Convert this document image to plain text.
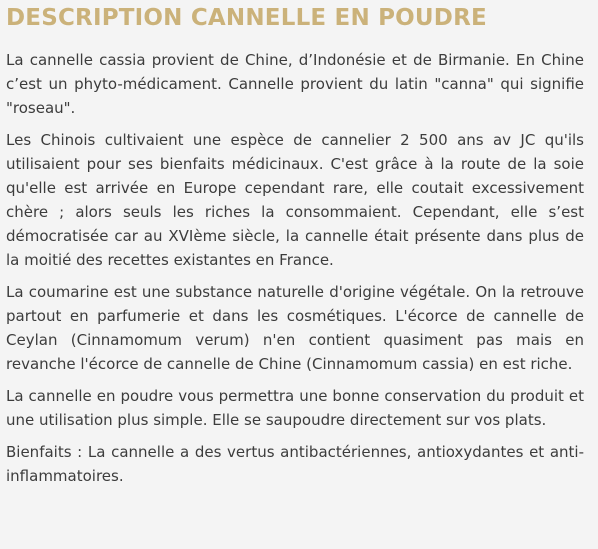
DESCRIPTION CANNELLE EN POUDRE

La cannelle cassia provient de Chine, d’Indonésie et de Birmanie. En Chine c’est un phyto-médicament. Cannelle provient du latin "canna" qui signifie "roseau".

Les Chinois cultivaient une espèce de cannelier 2 500 ans av JC qu'ils utilisaient pour ses bienfaits médicinaux. C'est grâce à la route de la soie qu'elle est arrivée en Europe cependant rare, elle coutait excessivement chère ; alors seuls les riches la consommaient. Cependant, elle s’est démocratisée car au XVIème siècle, la cannelle était présente dans plus de la moitié des recettes existantes en France.

La coumarine est une substance naturelle d'origine végétale. On la retrouve partout en parfumerie et dans les cosmétiques. L'écorce de cannelle de Ceylan (Cinnamomum verum) n'en contient quasiment pas mais en revanche l'écorce de cannelle de Chine (Cinnamomum cassia) en est riche.

La cannelle en poudre vous permettra une bonne conservation du produit et une utilisation plus simple. Elle se saupoudre directement sur vos plats.

Bienfaits : La cannelle a des vertus antibactériennes, antioxydantes et anti-inflammatoires.
